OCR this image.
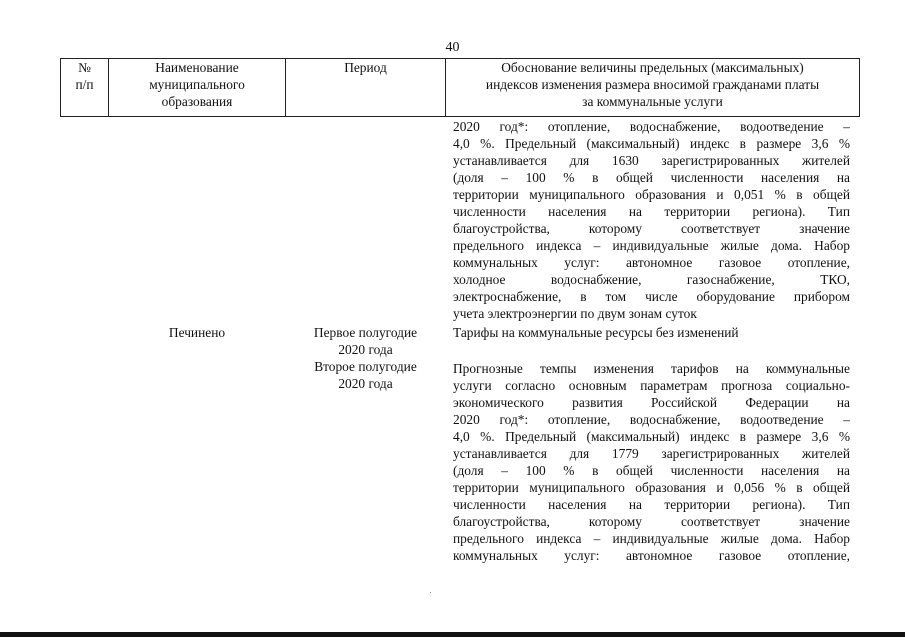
40
№
п/п
Наименование
муниципального
образования
Период	Обоснование величины предельных (максимальных)
индексов изменения размера вносимой гражданами платы
за коммунальные услуги

2020 год*: отопление, водоснабжение, водоотведение –

4,0 %. Предельный (максимальный) индекс в размере 3,6 %

устанавливается для 1630 зарегистрированных жителей

(доля – 100 % в общей численности населения на

территории муниципального образования и 0,051 % в общей

численности населения на территории региона). Тип

благоустройства, которому соответствует значение

предельного индекса – индивидуальные жилые дома. Набор

коммунальных услуг: автономное газовое отопление,

холодное водоснабжение, газоснабжение, ТКО,

электроснабжение, в том числе оборудование прибором

учета электроэнергии по двум зонам суток

Печинено	Первое полугодие
2020 года

Тарифы на коммунальные ресурсы без изменений

Второе полугодие
2020 года

Прогнозные темпы изменения тарифов на коммунальные

услуги согласно основным параметрам прогноза социально-

экономического развития Российской Федерации на

2020 год*: отопление, водоснабжение, водоотведение –

4,0 %. Предельный (максимальный) индекс в размере 3,6 %

устанавливается для 1779 зарегистрированных жителей

(доля – 100 % в общей численности населения на

территории муниципального образования и 0,056 % в общей

численности населения на территории региона). Тип

благоустройства, которому соответствует значение

предельного индекса – индивидуальные жилые дома. Набор

коммунальных услуг: автономное газовое отопление,
